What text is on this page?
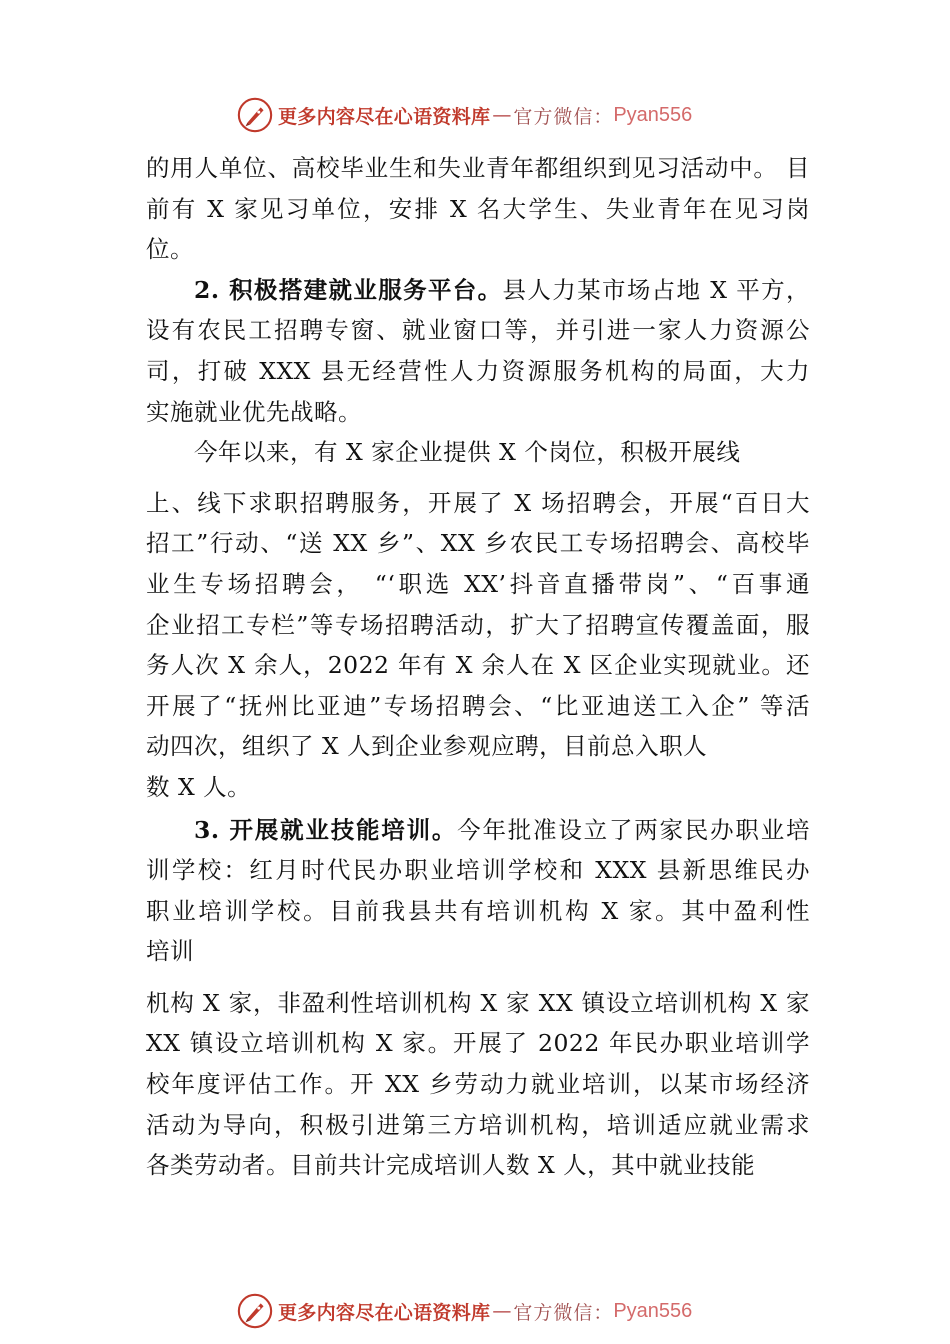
更多内容尽在心语资料库 — 官方微信： Pyan556
的用人单位、高校毕业生和失业青年都组织到见习活动中。 目
前有 X 家见习单位，安排 X 名大学生、失业青年在见习岗
位。
2. 积极搭建就业服务平台。县人力某市场占地 X 平方，
设有农民工招聘专窗、就业窗口等，并引进一家人力资源公
司，打破 XXX 县无经营性人力资源服务机构的局面，大力
实施就业优先战略。
今年以来，有 X 家企业提供 X 个岗位，积极开展线
上、线下求职招聘服务，开展了 X 场招聘会，开展“百日大
招工”行动、“送 XX 乡”、XX 乡农民工专场招聘会、高校毕
业生专场招聘会， “‘职选 XX’抖音直播带岗”、“百事通
企业招工专栏”等专场招聘活动，扩大了招聘宣传覆盖面，服
务人次 X 余人，2022 年有 X 余人在 X 区企业实现就业。还
开展了“抚州比亚迪”专场招聘会、“比亚迪送工入企” 等活
动四次，组织了 X 人到企业参观应聘，目前总入职人
数 X 人。
3. 开展就业技能培训。今年批准设立了两家民办职业培
训学校：红月时代民办职业培训学校和 XXX 县新思维民办
职业培训学校。目前我县共有培训机构 X 家。其中盈利性
培训
机构 X 家，非盈利性培训机构 X 家 XX 镇设立培训机构 X 家
XX 镇设立培训机构 X 家。开展了 2022 年民办职业培训学
校年度评估工作。开 XX 乡劳动力就业培训，以某市场经济
活动为导向，积极引进第三方培训机构，培训适应就业需求
各类劳动者。目前共计完成培训人数 X 人，其中就业技能
更多内容尽在心语资料库 — 官方微信： Pyan556
